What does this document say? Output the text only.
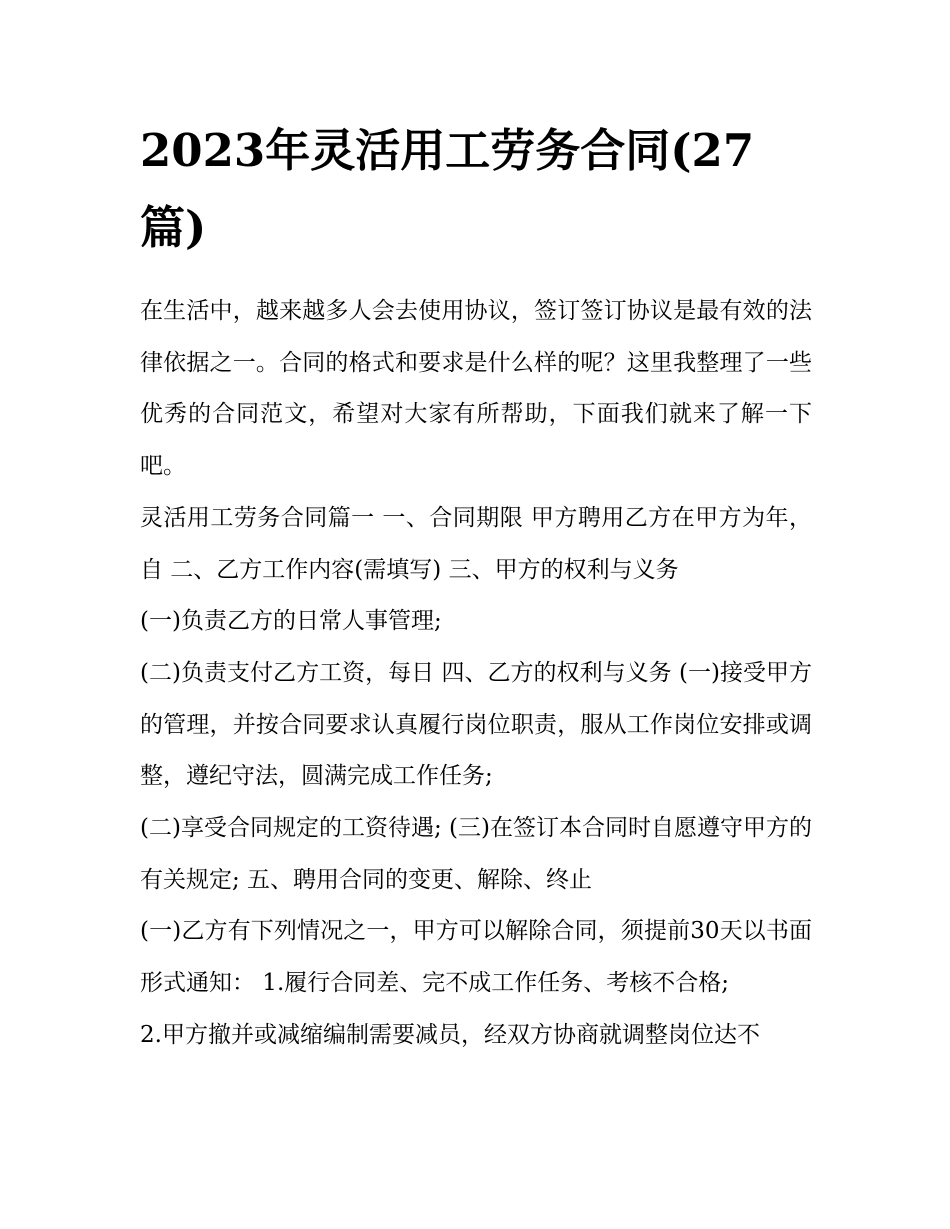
2023年灵活用工劳务合同(27篇)

在生活中，越来越多人会去使用协议，签订签订协议是最有效的法律依据之一。合同的格式和要求是什么样的呢？这里我整理了一些优秀的合同范文，希望对大家有所帮助，下面我们就来了解一下吧。

灵活用工劳务合同篇一 一、合同期限 甲方聘用乙方在甲方为年，自 二、乙方工作内容(需填写) 三、甲方的权利与义务

(一)负责乙方的日常人事管理;

(二)负责支付乙方工资，每日 四、乙方的权利与义务 (一)接受甲方的管理，并按合同要求认真履行岗位职责，服从工作岗位安排或调整，遵纪守法，圆满完成工作任务;

(二)享受合同规定的工资待遇; (三)在签订本合同时自愿遵守甲方的有关规定; 五、聘用合同的变更、解除、终止

(一)乙方有下列情况之一，甲方可以解除合同，须提前30天以书面形式通知： 1.履行合同差、完不成工作任务、考核不合格;

2.甲方撤并或减缩编制需要减员，经双方协商就调整岗位达不
